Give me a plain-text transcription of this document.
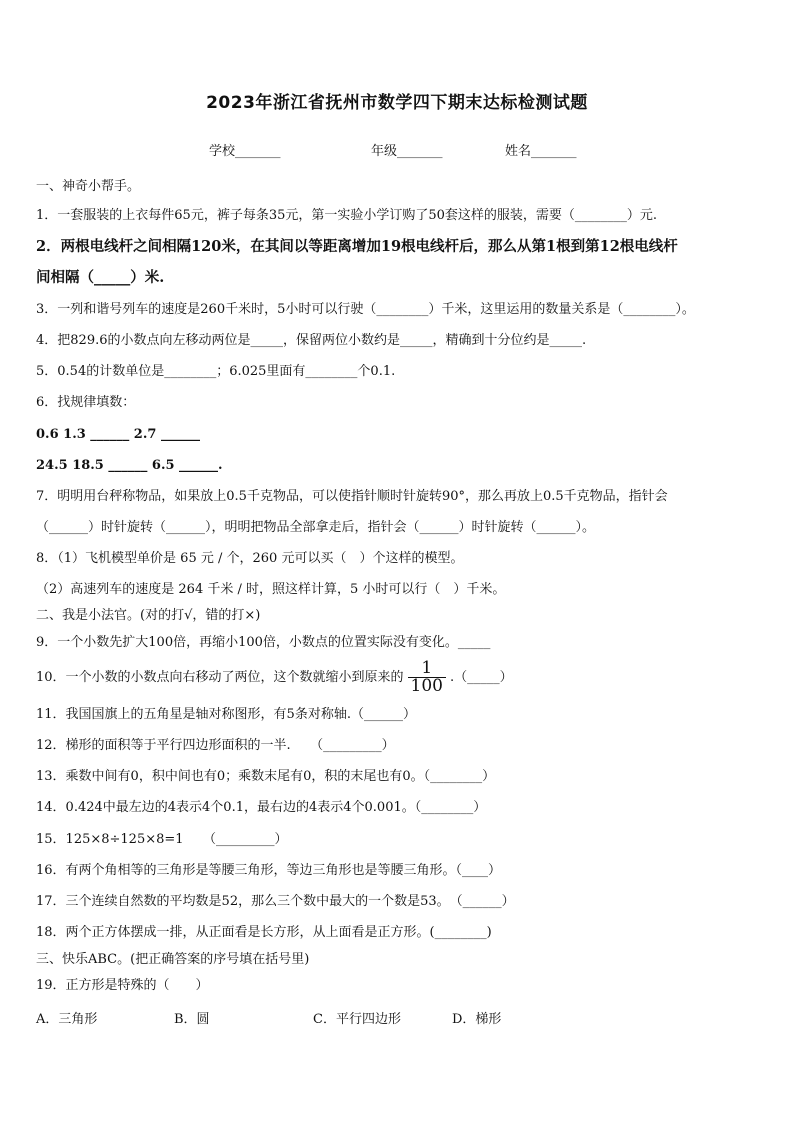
2023年浙江省抚州市数学四下期末达标检测试题
学校_______	年级_______	姓名_______
一、神奇小帮手。
1．一套服装的上衣每件65元，裤子每条35元，第一实验小学订购了50套这样的服装，需要（________）元.
2．两根电线杆之间相隔120米，在其间以等距离增加19根电线杆后，那么从第1根到第12根电线杆
间相隔（_____）米.
3．一列和谐号列车的速度是260千米时，5小时可以行驶（________）千米，这里运用的数量关系是（________）。
4．把829.6的小数点向左移动两位是_____，保留两位小数约是_____，精确到十分位约是_____.
5．0.54的计数单位是________；6.025里面有________个0.1.
6．找规律填数：
0.6 1.3 ______ 2.7 ______
24.5 18.5 ______ 6.5 ______.
7．明明用台秤称物品，如果放上0.5千克物品，可以使指针顺时针旋转90°，那么再放上0.5千克物品，指针会
（______）时针旋转（______），明明把物品全部拿走后，指针会（______）时针旋转（______）。
8．（1）飞机模型单价是 65 元 / 个，260 元可以买（　）个这样的模型。
（2）高速列车的速度是 264 千米 / 时，照这样计算，5 小时可以行（　）千米。
二、我是小法官。(对的打√，错的打×)
9．一个小数先扩大100倍，再缩小100倍，小数点的位置实际没有变化。_____
10．一个小数的小数点向右移动了两位，这个数就缩小到原来的 $\frac{1}{100}$ .（_____）
11．我国国旗上的五角星是轴对称图形，有5条对称轴.（______）
12．梯形的面积等于平行四边形面积的一半.　　（_________）
13．乘数中间有0，积中间也有0；乘数末尾有0，积的末尾也有0。（________）
14．0.424中最左边的4表示4个0.1，最右边的4表示4个0.001。（________）
15．125×8÷125×8=1　　（_________）
16．有两个角相等的三角形是等腰三角形，等边三角形也是等腰三角形。（____）
17．三个连续自然数的平均数是52，那么三个数中最大的一个数是53。　（______）
18．两个正方体摆成一排，从正面看是长方形，从上面看是正方形。(________)
三、快乐ABC。(把正确答案的序号填在括号里)
19．正方形是特殊的（　　）
A．三角形	B．圆	C．平行四边形	D．梯形
